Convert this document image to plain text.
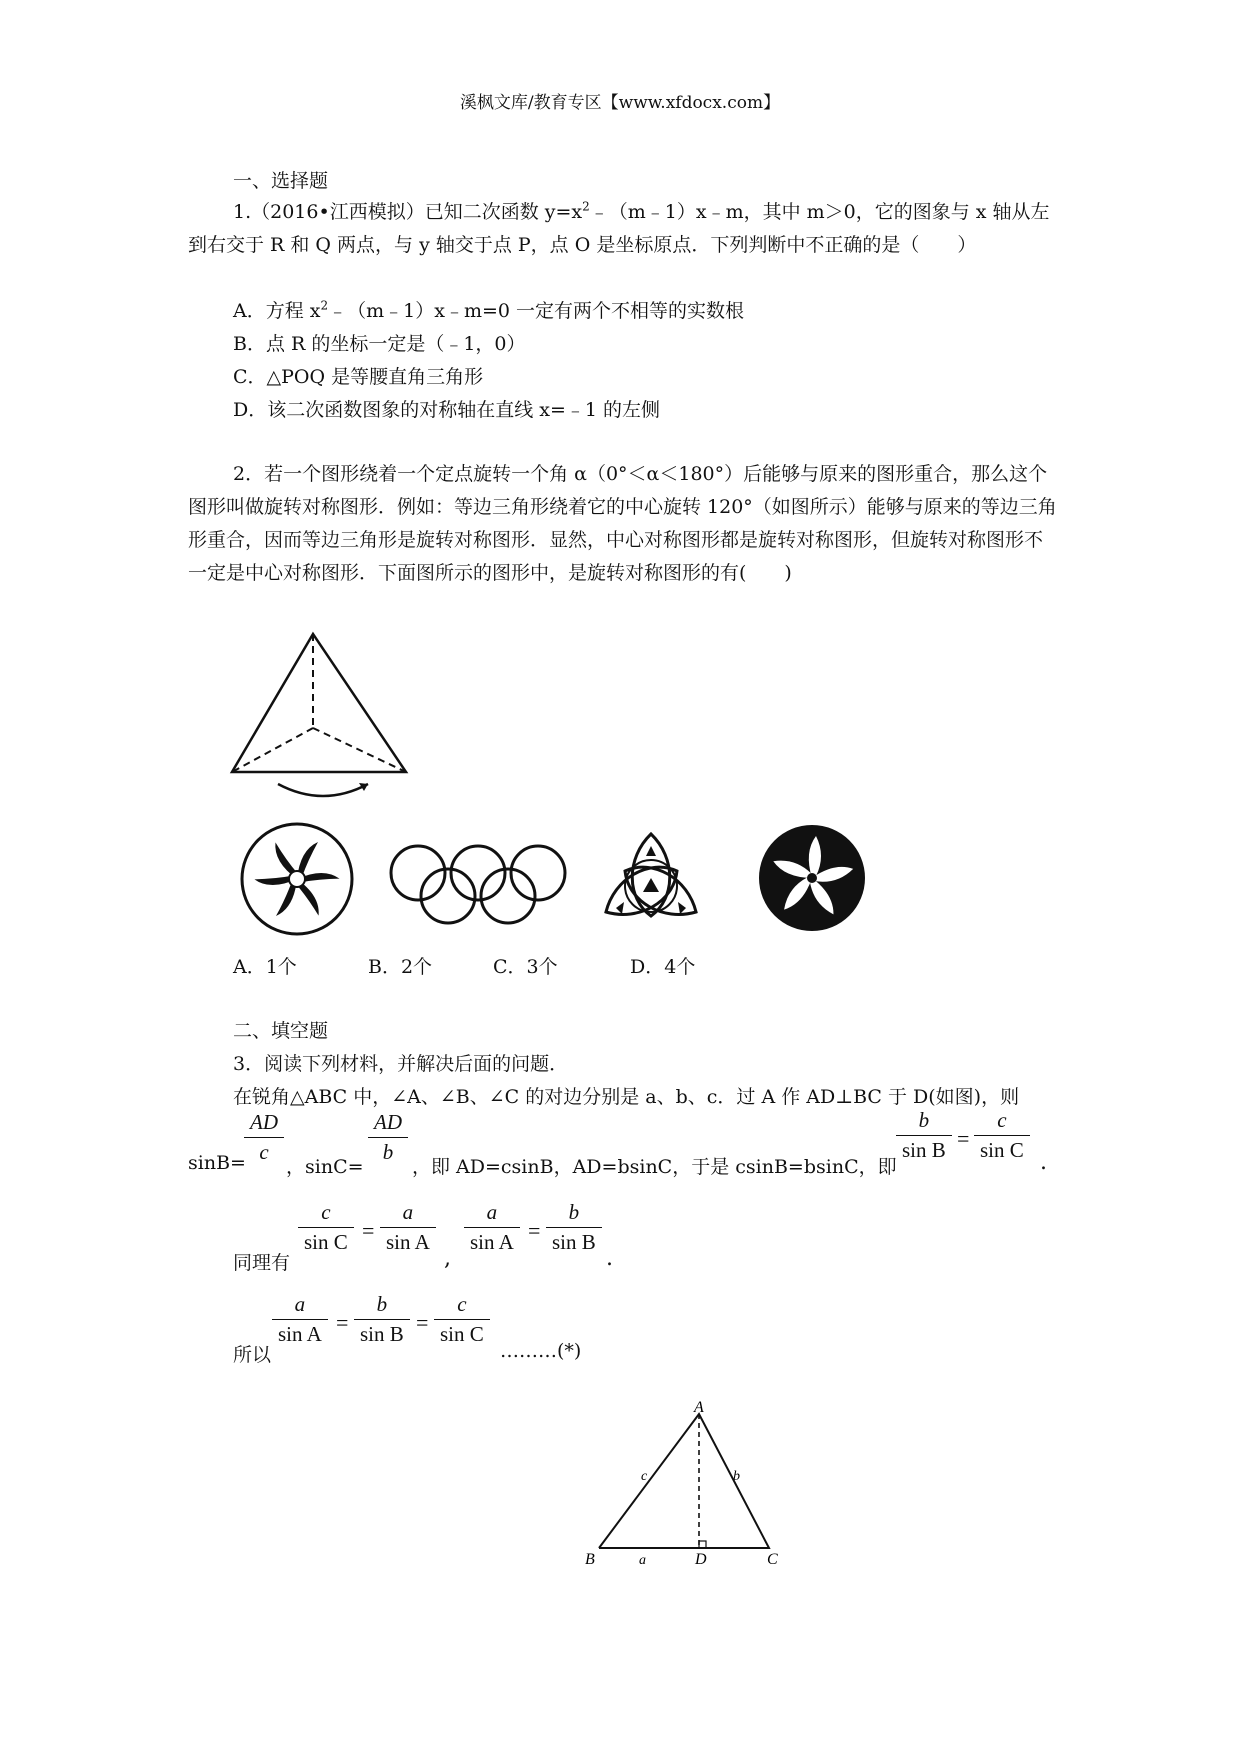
溪枫文库/教育专区【www.xfdocx.com】
一、选择题
1.（2016•江西模拟）已知二次函数 $y=x^2﹣(m﹣1)x﹣m$，其中 m＞0，它的图象与 x 轴从左到右交于 R 和 Q 两点，与 y 轴交于点 P，点 O 是坐标原点．下列判断中不正确的是（　　）
A．方程 $x^2﹣(m﹣1)x﹣m=0$ 一定有两个不相等的实数根
B．点 R 的坐标一定是（﹣1，0）
C．△POQ 是等腰直角三角形
D．该二次函数图象的对称轴在直线 x=﹣1 的左侧
2．若一个图形绕着一个定点旋转一个角 α（0°＜α＜180°）后能够与原来的图形重合，那么这个图形叫做旋转对称图形．例如：等边三角形绕着它的中心旋转 120°（如图所示）能够与原来的等边三角形重合，因而等边三角形是旋转对称图形．显然，中心对称图形都是旋转对称图形，但旋转对称图形不一定是中心对称图形．下面图所示的图形中，是旋转对称图形的有(　　)
A．1个	B．2个	C．3个	D．4个
二、填空题
3．阅读下列材料，并解决后面的问题．
在锐角△ABC 中，∠A、∠B、∠C 的对边分别是 a、b、c．过 A 作 AD⊥BC 于 D(如图)，则
sinB=
AD
c
，sinC=
AD
b
，即 AD=csinB，AD=bsinC，于是 csinB=bsinC，即
b
sin B =
c
sin C .
同理有
c
sin C =
a
sin A
,
a
sin A =
b
sin B
.
所以
a
sin A =
b
sin B =
c
sin C
………(*)
A
B	D	C
a
c	b
